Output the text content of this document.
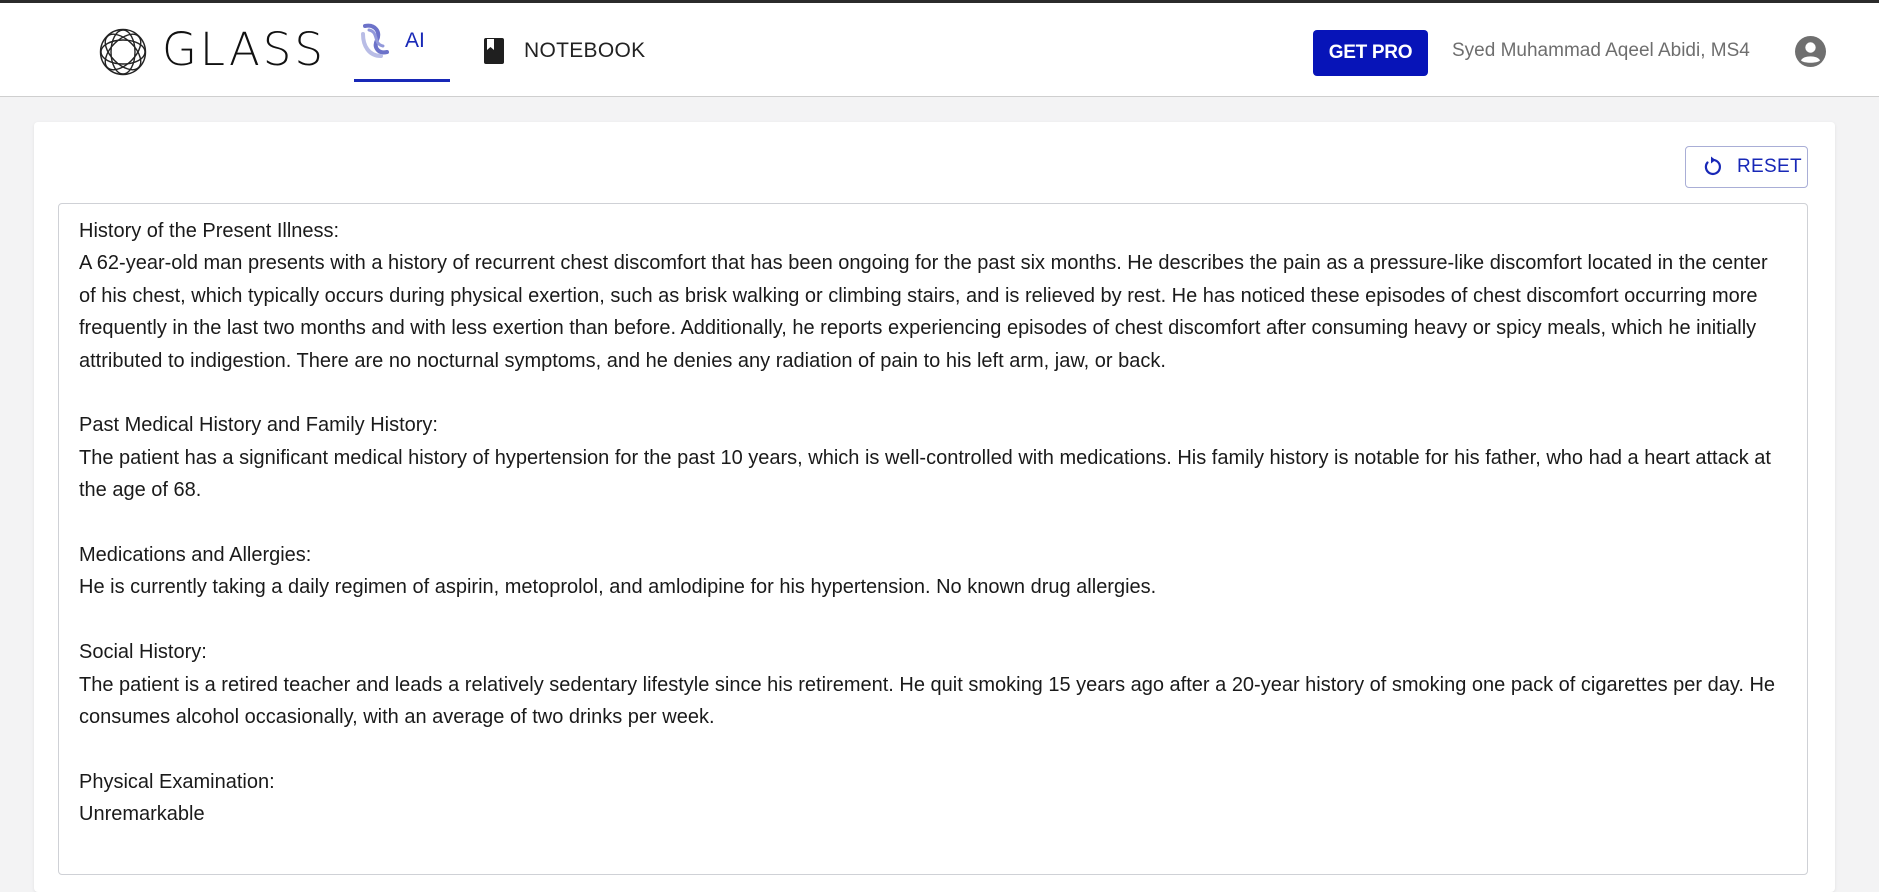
GLASS	AI	NOTEBOOK	GET PRO	Syed Muhammad Aqeel Abidi, MS4
RESET

History of the Present Illness:

A 62-year-old man presents with a history of recurrent chest discomfort that has been ongoing for the past six months. He describes the pain as a pressure-like discomfort located in the center of his chest, which typically occurs during physical exertion, such as brisk walking or climbing stairs, and is relieved by rest. He has noticed these episodes of chest discomfort occurring more frequently in the last two months and with less exertion than before. Additionally, he reports experiencing episodes of chest discomfort after consuming heavy or spicy meals, which he initially attributed to indigestion. There are no nocturnal symptoms, and he denies any radiation of pain to his left arm, jaw, or back.

Past Medical History and Family History:

The patient has a significant medical history of hypertension for the past 10 years, which is well-controlled with medications. His family history is notable for his father, who had a heart attack at the age of 68.

Medications and Allergies:

He is currently taking a daily regimen of aspirin, metoprolol, and amlodipine for his hypertension. No known drug allergies.

Social History:

The patient is a retired teacher and leads a relatively sedentary lifestyle since his retirement. He quit smoking 15 years ago after a 20-year history of smoking one pack of cigarettes per day. He consumes alcohol occasionally, with an average of two drinks per week.

Physical Examination:

Unremarkable
